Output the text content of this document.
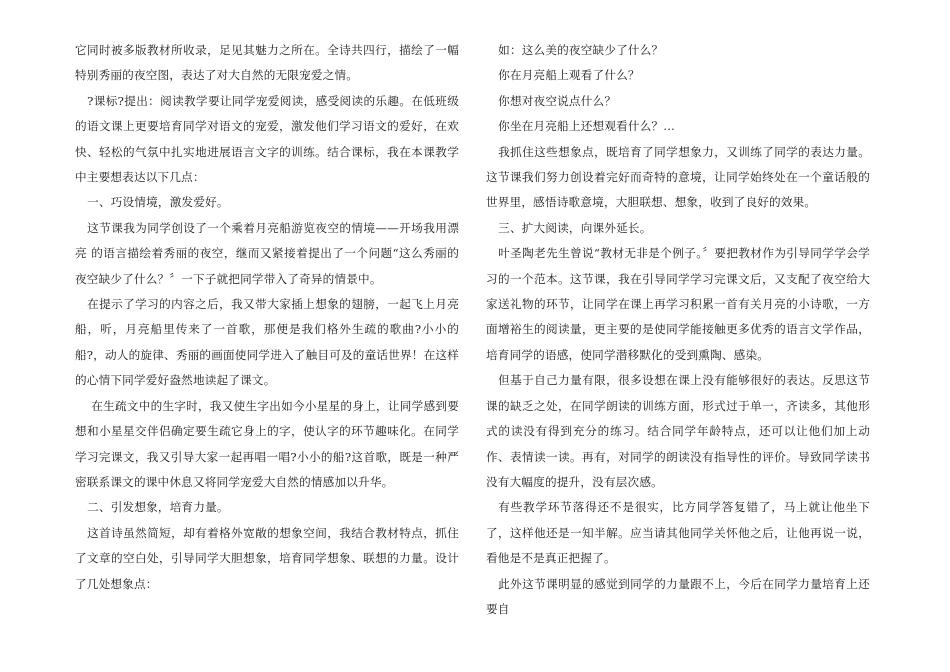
它同时被多版教材所收录，足见其魅力之所在。全诗共四行，描绘了一幅特别秀丽的夜空图，表达了对大自然的无限宠爱之情。

?课标?提出：阅读教学要让同学宠爱阅读，感受阅读的乐趣。在低班级的语文课上更要培育同学对语文的宠爱，激发他们学习语文的爱好，在欢快、轻松的气氛中扎实地进展语言文字的训练。结合课标，我在本课教学中主要想表达以下几点：

一、巧设情境，激发爱好。

这节课我为同学创设了一个乘着月亮船游览夜空的情境——开场我用漂亮 的语言描绘着秀丽的夜空，继而又紧接着提出了一个问题“这么秀丽的夜空缺少了什么？〞一下子就把同学带入了奇异的情景中。

在提示了学习的内容之后，我又带大家插上想象的翅膀，一起飞上月亮船，听，月亮船里传来了一首歌，那便是我们格外生疏的歌曲?小小的船?，动人的旋律、秀丽的画面使同学进入了触目可及的童话世界！在这样的心情下同学爱好盎然地读起了课文。

在生疏文中的生字时，我又使生字出如今小星星的身上，让同学感到要想和小星星交伴侣确定要生疏它身上的字，使认字的环节趣味化。在同学学习完课文，我又引导大家一起再唱一唱?小小的船?这首歌，既是一种严密联系课文的课中休息又将同学宠爱大自然的情感加以升华。

二、引发想象，培育力量。

这首诗虽然简短，却有着格外宽敞的想象空间，我结合教材特点，抓住了文章的空白处，引导同学大胆想象，培育同学想象、联想的力量。设计了几处想象点：

如：这么美的夜空缺少了什么？

你在月亮船上观看了什么？

你想对夜空说点什么？

你坐在月亮船上还想观看什么？…

我抓住这些想象点，既培育了同学想象力，又训练了同学的表达力量。这节课我们努力创设着完好而奇特的意境，让同学始终处在一个童话般的世界里，感悟诗歌意境，大胆联想、想象，收到了良好的效果。

三、扩大阅读，向课外延长。

叶圣陶老先生曾说“教材无非是个例子。〞要把教材作为引导同学学会学习的一个范本。这节课，我在引导同学学习完课文后，又支配了夜空给大家送礼物的环节，让同学在课上再学习积累一首有关月亮的小诗歌，一方面增裕生的阅读量，更主要的是使同学能接触更多优秀的语言文学作品，培育同学的语感，使同学潜移默化的受到熏陶、感染。

但基于自己力量有限，很多设想在课上没有能够很好的表达。反思这节课的缺乏之处，在同学朗读的训练方面，形式过于单一，齐读多，其他形式的读没有得到充分的练习。结合同学年龄特点，还可以让他们加上动作、表情读一读。再有，对同学的朗读没有指导性的评价。导致同学读书没有大幅度的提升，没有层次感。

有些教学环节落得还不是很实，比方同学答复错了，马上就让他坐下了，这样他还是一知半解。应当请其他同学关怀他之后，让他再说一说，看他是不是真正把握了。

此外这节课明显的感觉到同学的力量跟不上，今后在同学力量培育上还要自
